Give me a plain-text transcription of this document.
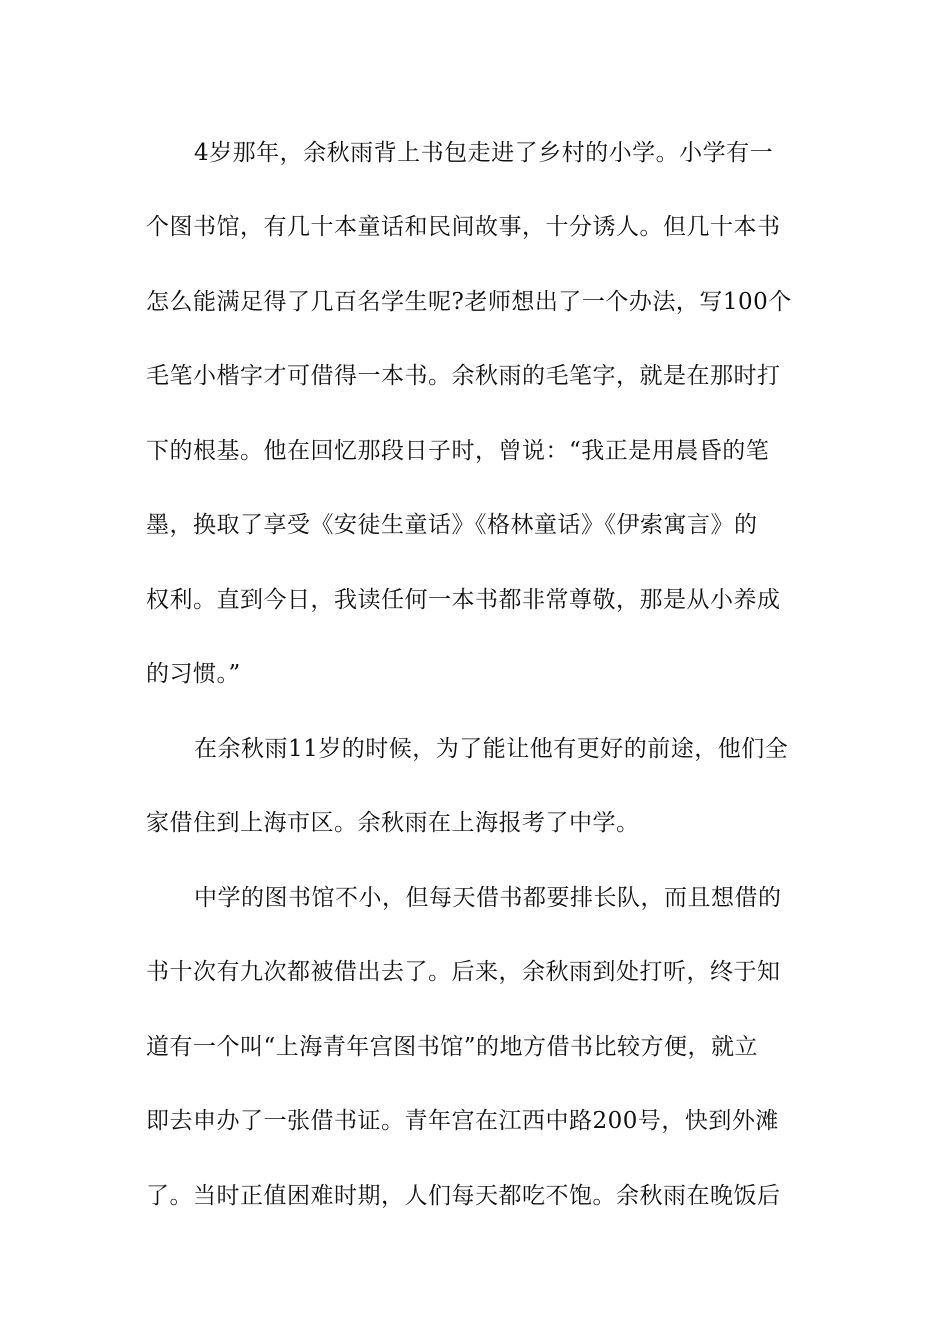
4岁那年，余秋雨背上书包走进了乡村的小学。小学有一
个图书馆，有几十本童话和民间故事，十分诱人。但几十本书
怎么能满足得了几百名学生呢?老师想出了一个办法，写100个
毛笔小楷字才可借得一本书。余秋雨的毛笔字，就是在那时打
下的根基。他在回忆那段日子时，曾说：“我正是用晨昏的笔
墨，换取了享受《安徒生童话》《格林童话》《伊索寓言》的
权利。直到今日，我读任何一本书都非常尊敬，那是从小养成
的习惯。”
在余秋雨11岁的时候，为了能让他有更好的前途，他们全
家借住到上海市区。余秋雨在上海报考了中学。
中学的图书馆不小，但每天借书都要排长队，而且想借的
书十次有九次都被借出去了。后来，余秋雨到处打听，终于知
道有一个叫“上海青年宫图书馆”的地方借书比较方便，就立
即去申办了一张借书证。青年宫在江西中路200号，快到外滩
了。当时正值困难时期，人们每天都吃不饱。余秋雨在晚饭后
